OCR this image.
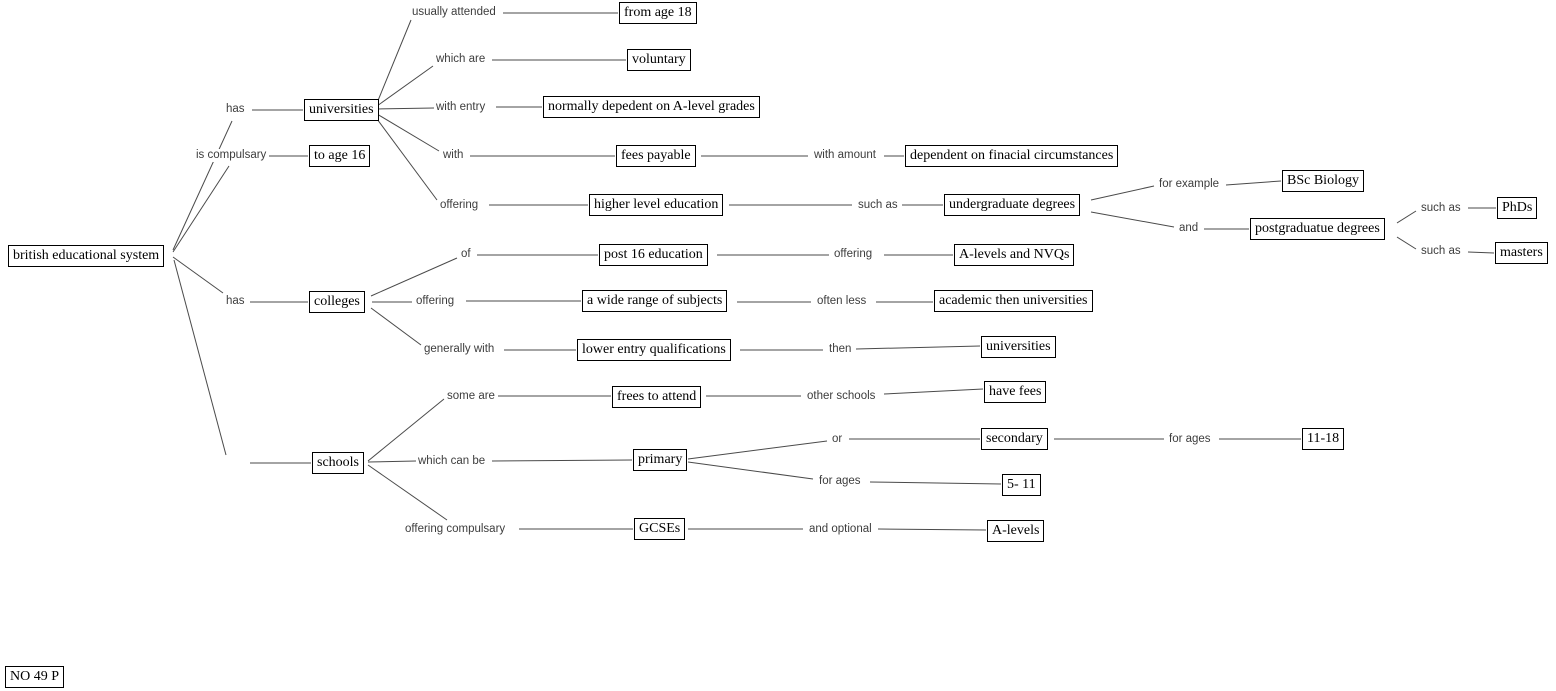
british educational system
universities
from age 18
voluntary
normally depedent on A-level grades
to age 16	fees payable	dependent on finacial circumstances
higher level education	undergraduate degrees
BSc Biology
postgraduatue degrees
PhDs
masters
post 16 education	A-levels and NVQs
colleges	a wide range of subjects	academic then universities
lower entry qualifications	universities
frees to attend	have fees
secondary	11-18
schools	primary
5- 11
GCSEs	A-levels
NO 49 P
usually attended
which are
with entry
has
is compulsary	with	with amount
offering	such as
for example
and
such as
such as
of	offering
has	offering	often less
generally with	then
some are	other schools
which can be
or	for ages
for ages
offering compulsary	and optional
